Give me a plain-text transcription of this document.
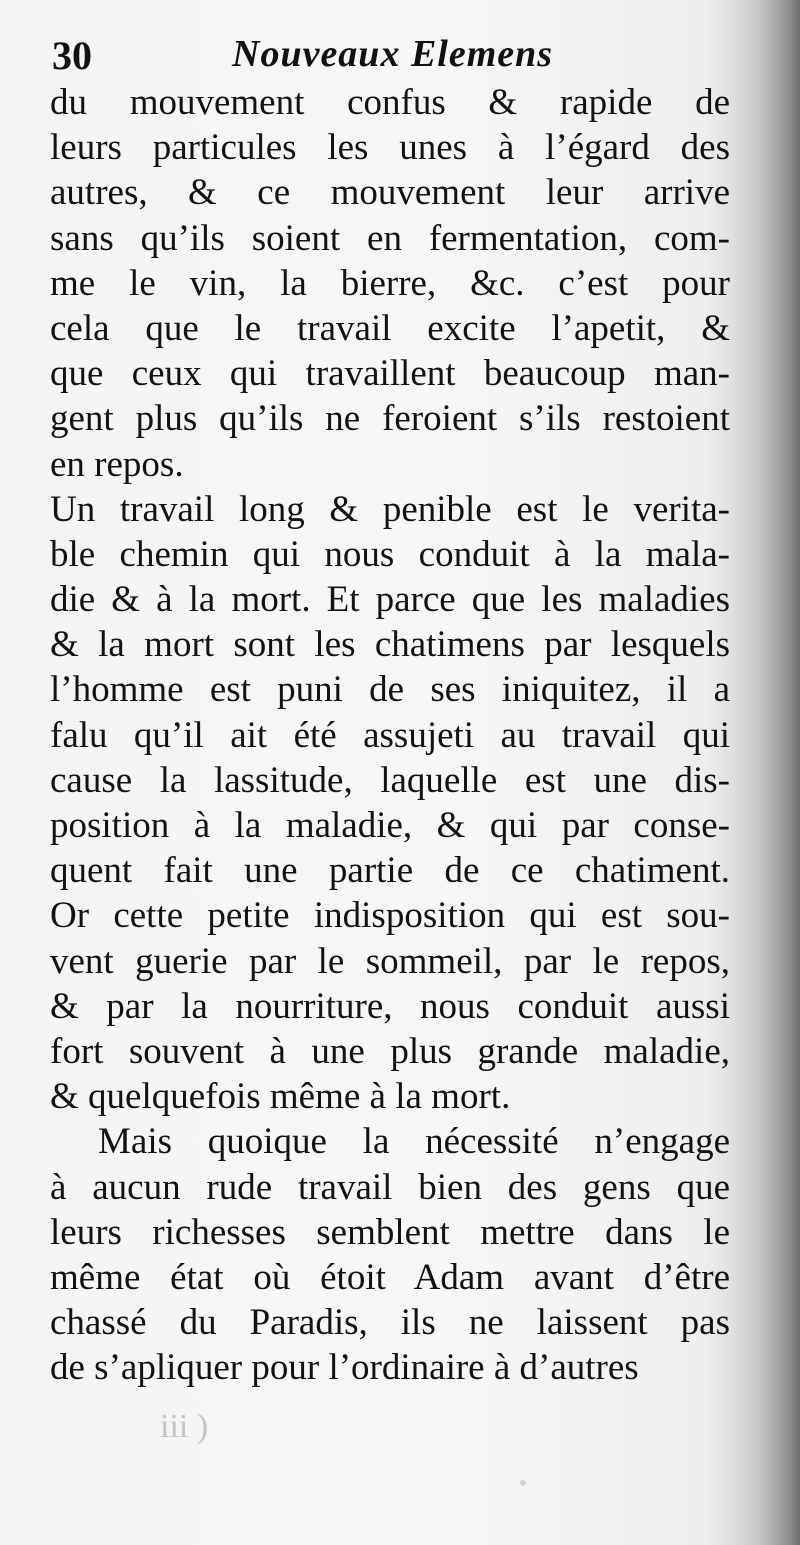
30	Nouveaux Elemens
du mouvement confus & rapide de
leurs particules les unes à l’égard des
autres, & ce mouvement leur arrive
sans qu’ils soient en fermentation, com-
me le vin, la bierre, &c. c’est pour
cela que le travail excite l’apetit, &
que ceux qui travaillent beaucoup man-
gent plus qu’ils ne feroient s’ils restoient
en repos.
Un travail long & penible est le verita-
ble chemin qui nous conduit à la mala-
die & à la mort. Et parce que les maladies
& la mort sont les chatimens par lesquels
l’homme est puni de ses iniquitez, il a
falu qu’il ait été assujeti au travail qui
cause la lassitude, laquelle est une dis-
position à la maladie, & qui par conse-
quent fait une partie de ce chatiment.
Or cette petite indisposition qui est sou-
vent guerie par le sommeil, par le repos,
& par la nourriture, nous conduit aussi
fort souvent à une plus grande maladie,
& quelquefois même à la mort.
Mais quoique la nécessité n’engage
à aucun rude travail bien des gens que
leurs richesses semblent mettre dans le
même état où étoit Adam avant d’être
chassé du Paradis, ils ne laissent pas
de s’apliquer pour l’ordinaire à d’autres
iii )
